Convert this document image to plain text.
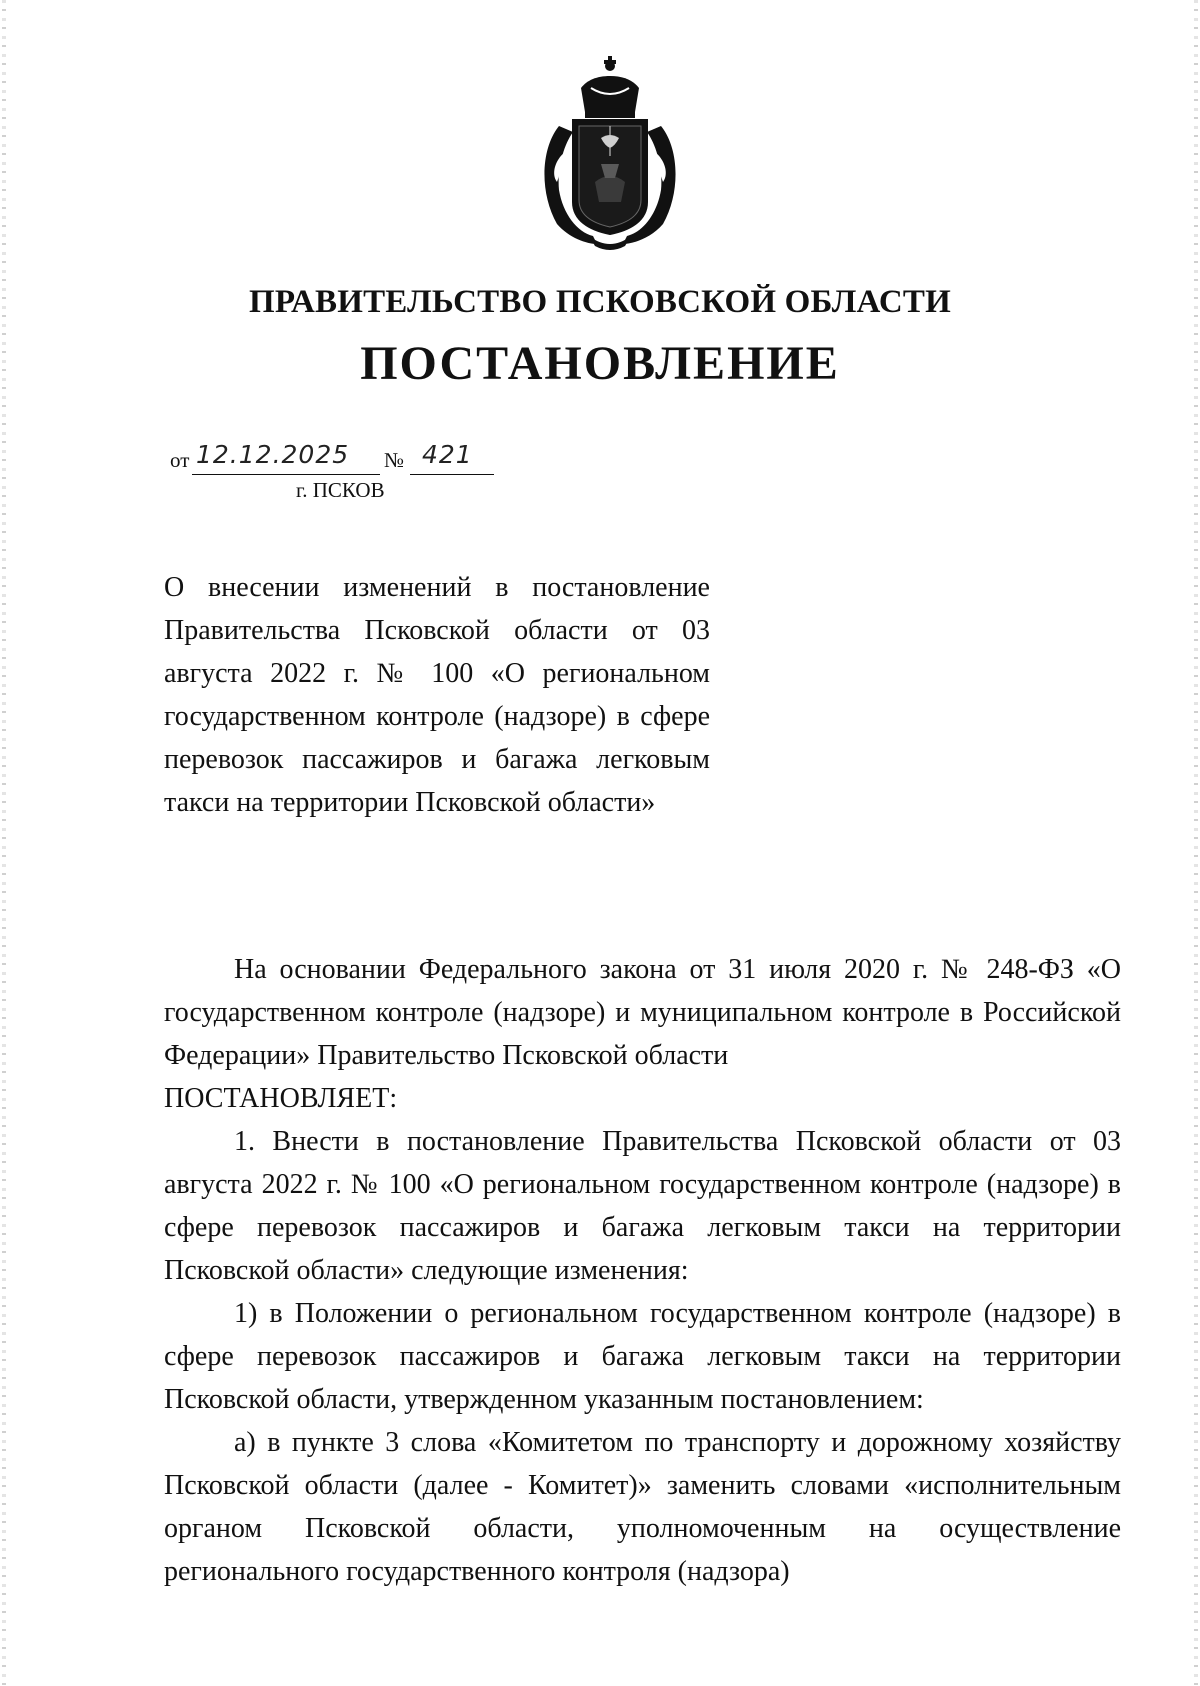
ПРАВИТЕЛЬСТВО ПСКОВСКОЙ ОБЛАСТИ
ПОСТАНОВЛЕНИЕ
от 12.12.2025 № 421
г. ПСКОВ

О внесении изменений в постановление Правительства Псковской области от 03 августа 2022 г. № 100 «О региональном государственном контроле (надзоре) в сфере перевозок пассажиров и багажа легковым такси на территории Псковской области»

На основании Федерального закона от 31 июля 2020 г. № 248-ФЗ «О государственном контроле (надзоре) и муниципальном контроле в Российской Федерации» Правительство Псковской области

ПОСТАНОВЛЯЕТ:

1. Внести в постановление Правительства Псковской области от 03 августа 2022 г. № 100 «О региональном государственном контроле (надзоре) в сфере перевозок пассажиров и багажа легковым такси на территории Псковской области» следующие изменения:

1) в Положении о региональном государственном контроле (надзоре) в сфере перевозок пассажиров и багажа легковым такси на территории Псковской области, утвержденном указанным постановлением:

а) в пункте 3 слова «Комитетом по транспорту и дорожному хозяйству Псковской области (далее - Комитет)» заменить словами «исполнительным органом Псковской области, уполномоченным на осуществление регионального государственного контроля (надзора)
